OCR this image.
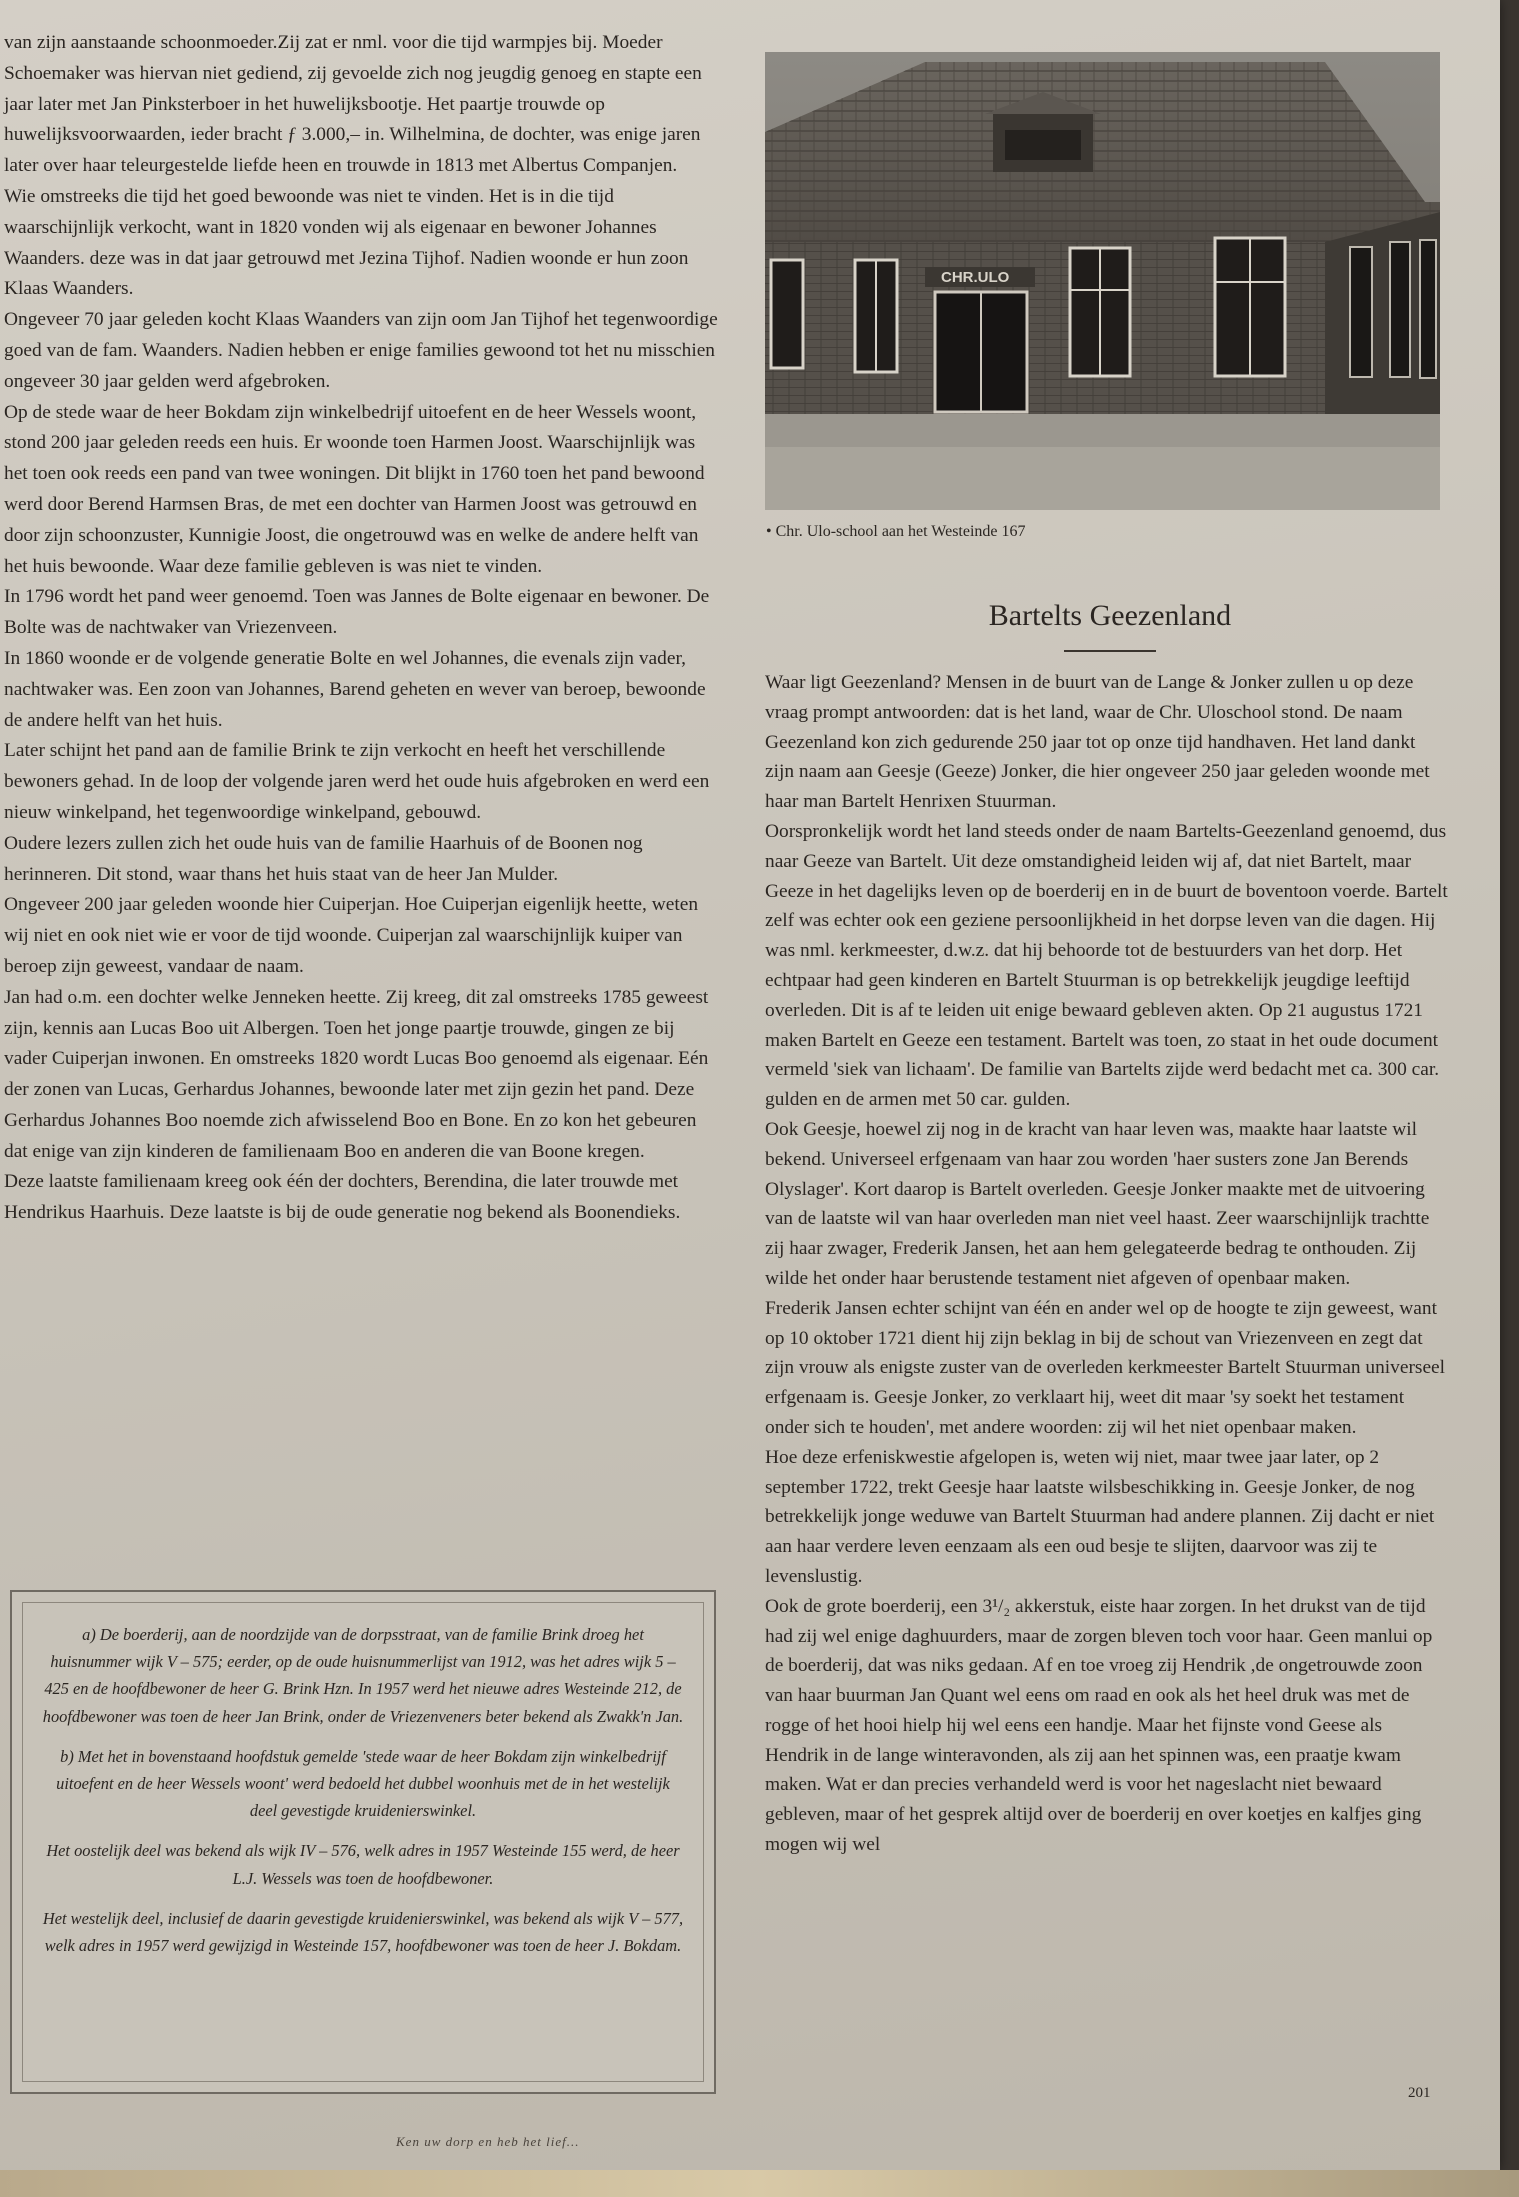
van zijn aanstaande schoonmoeder.Zij zat er nml. voor die tijd warmpjes bij. Moeder Schoemaker was hiervan niet gediend, zij gevoelde zich nog jeugdig genoeg en stapte een jaar later met Jan Pinksterboer in het huwelijksbootje. Het paartje trouwde op huwelijksvoorwaarden, ieder bracht ƒ 3.000,– in. Wilhelmina, de dochter, was enige jaren later over haar teleurgestelde liefde heen en trouwde in 1813 met Albertus Companjen.

Wie omstreeks die tijd het goed bewoonde was niet te vinden. Het is in die tijd waarschijnlijk verkocht, want in 1820 vonden wij als eigenaar en bewoner Johannes Waanders. deze was in dat jaar getrouwd met Jezina Tijhof. Nadien woonde er hun zoon Klaas Waanders.

Ongeveer 70 jaar geleden kocht Klaas Waanders van zijn oom Jan Tijhof het tegenwoordige goed van de fam. Waanders. Nadien hebben er enige families gewoond tot het nu misschien ongeveer 30 jaar gelden werd afgebroken.

Op de stede waar de heer Bokdam zijn winkelbedrijf uitoefent en de heer Wessels woont, stond 200 jaar geleden reeds een huis. Er woonde toen Harmen Joost. Waarschijnlijk was het toen ook reeds een pand van twee woningen. Dit blijkt in 1760 toen het pand bewoond werd door Berend Harmsen Bras, de met een dochter van Harmen Joost was getrouwd en door zijn schoonzuster, Kunnigie Joost, die ongetrouwd was en welke de andere helft van het huis bewoonde. Waar deze familie gebleven is was niet te vinden.

In 1796 wordt het pand weer genoemd. Toen was Jannes de Bolte eigenaar en bewoner. De Bolte was de nachtwaker van Vriezenveen.

In 1860 woonde er de volgende generatie Bolte en wel Johannes, die evenals zijn vader, nachtwaker was. Een zoon van Johannes, Barend geheten en wever van beroep, bewoonde de andere helft van het huis.

Later schijnt het pand aan de familie Brink te zijn verkocht en heeft het verschillende bewoners gehad. In de loop der volgende jaren werd het oude huis afgebroken en werd een nieuw winkelpand, het tegenwoordige winkelpand, gebouwd.

Oudere lezers zullen zich het oude huis van de familie Haarhuis of de Boonen nog herinneren. Dit stond, waar thans het huis staat van de heer Jan Mulder.

Ongeveer 200 jaar geleden woonde hier Cuiperjan. Hoe Cuiperjan eigenlijk heette, weten wij niet en ook niet wie er voor de tijd woonde. Cuiperjan zal waarschijnlijk kuiper van beroep zijn geweest, vandaar de naam.

Jan had o.m. een dochter welke Jenneken heette. Zij kreeg, dit zal omstreeks 1785 geweest zijn, kennis aan Lucas Boo uit Albergen. Toen het jonge paartje trouwde, gingen ze bij vader Cuiperjan inwonen. En omstreeks 1820 wordt Lucas Boo genoemd als eigenaar. Eén der zonen van Lucas, Gerhardus Johannes, bewoonde later met zijn gezin het pand. Deze Gerhardus Johannes Boo noemde zich afwisselend Boo en Bone. En zo kon het gebeuren dat enige van zijn kinderen de familienaam Boo en anderen die van Boone kregen.

Deze laatste familienaam kreeg ook één der dochters, Berendina, die later trouwde met Hendrikus Haarhuis. Deze laatste is bij de oude generatie nog bekend als Boonendieks.

a) De boerderij, aan de noordzijde van de dorpsstraat, van de familie Brink droeg het huisnummer wijk V – 575; eerder, op de oude huisnummerlijst van 1912, was het adres wijk 5 – 425 en de hoofdbewoner de heer G. Brink Hzn. In 1957 werd het nieuwe adres Westeinde 212, de hoofdbewoner was toen de heer Jan Brink, onder de Vriezenveners beter bekend als Zwakk'n Jan.

b) Met het in bovenstaand hoofdstuk gemelde 'stede waar de heer Bokdam zijn winkelbedrijf uitoefent en de heer Wessels woont' werd bedoeld het dubbel woonhuis met de in het westelijk deel gevestigde kruidenierswinkel.

Het oostelijk deel was bekend als wijk IV – 576, welk adres in 1957 Westeinde 155 werd, de heer L.J. Wessels was toen de hoofdbewoner.

Het westelijk deel, inclusief de daarin gevestigde kruidenierswinkel, was bekend als wijk V – 577, welk adres in 1957 werd gewijzigd in Westeinde 157, hoofdbewoner was toen de heer J. Bokdam.

CHR.ULO
• Chr. Ulo-school aan het Westeinde 167
Bartelts Geezenland

Waar ligt Geezenland? Mensen in de buurt van de Lange & Jonker zullen u op deze vraag prompt antwoorden: dat is het land, waar de Chr. Uloschool stond. De naam Geezenland kon zich gedurende 250 jaar tot op onze tijd handhaven. Het land dankt zijn naam aan Geesje (Geeze) Jonker, die hier ongeveer 250 jaar geleden woonde met haar man Bartelt Henrixen Stuurman.

Oorspronkelijk wordt het land steeds onder de naam Bartelts-Geezenland genoemd, dus naar Geeze van Bartelt. Uit deze omstandigheid leiden wij af, dat niet Bartelt, maar Geeze in het dagelijks leven op de boerderij en in de buurt de boventoon voerde. Bartelt zelf was echter ook een geziene persoonlijkheid in het dorpse leven van die dagen. Hij was nml. kerkmeester, d.w.z. dat hij behoorde tot de bestuurders van het dorp. Het echtpaar had geen kinderen en Bartelt Stuurman is op betrekkelijk jeugdige leeftijd overleden. Dit is af te leiden uit enige bewaard gebleven akten. Op 21 augustus 1721 maken Bartelt en Geeze een testament. Bartelt was toen, zo staat in het oude document vermeld 'siek van lichaam'. De familie van Bartelts zijde werd bedacht met ca. 300 car. gulden en de armen met 50 car. gulden.

Ook Geesje, hoewel zij nog in de kracht van haar leven was, maakte haar laatste wil bekend. Universeel erfgenaam van haar zou worden 'haer susters zone Jan Berends Olyslager'. Kort daarop is Bartelt overleden. Geesje Jonker maakte met de uitvoering van de laatste wil van haar overleden man niet veel haast. Zeer waarschijnlijk trachtte zij haar zwager, Frederik Jansen, het aan hem gelegateerde bedrag te onthouden. Zij wilde het onder haar berustende testament niet afgeven of openbaar maken.

Frederik Jansen echter schijnt van één en ander wel op de hoogte te zijn geweest, want op 10 oktober 1721 dient hij zijn beklag in bij de schout van Vriezenveen en zegt dat zijn vrouw als enigste zuster van de overleden kerkmeester Bartelt Stuurman universeel erfgenaam is. Geesje Jonker, zo verklaart hij, weet dit maar 'sy soekt het testament onder sich te houden', met andere woorden: zij wil het niet openbaar maken.

Hoe deze erfeniskwestie afgelopen is, weten wij niet, maar twee jaar later, op 2 september 1722, trekt Geesje haar laatste wilsbeschikking in. Geesje Jonker, de nog betrekkelijk jonge weduwe van Bartelt Stuurman had andere plannen. Zij dacht er niet aan haar verdere leven eenzaam als een oud besje te slijten, daarvoor was zij te levenslustig.

Ook de grote boerderij, een 3¹/₂ akkerstuk, eiste haar zorgen. In het drukst van de tijd had zij wel enige daghuurders, maar de zorgen bleven toch voor haar. Geen manlui op de boerderij, dat was niks gedaan. Af en toe vroeg zij Hendrik ,de ongetrouwde zoon van haar buurman Jan Quant wel eens om raad en ook als het heel druk was met de rogge of het hooi hielp hij wel eens een handje. Maar het fijnste vond Geese als Hendrik in de lange winteravonden, als zij aan het spinnen was, een praatje kwam maken. Wat er dan precies verhandeld werd is voor het nageslacht niet bewaard gebleven, maar of het gesprek altijd over de boerderij en over koetjes en kalfjes ging mogen wij wel

201
Ken uw dorp en heb het lief...
